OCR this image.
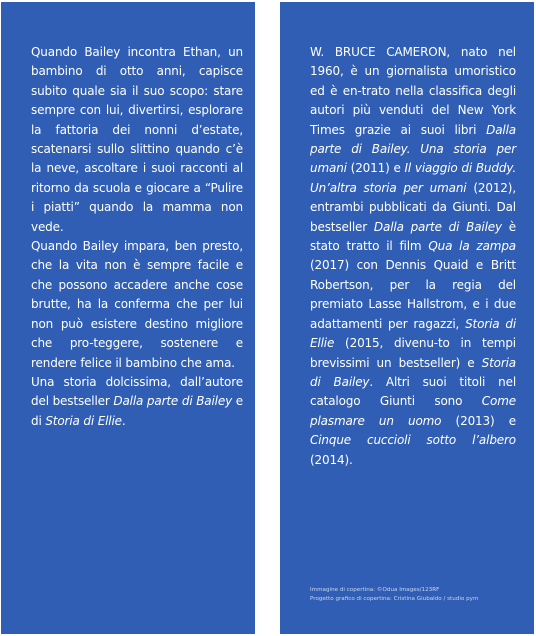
Quando Bailey incontra Ethan, un bambino di otto anni, capisce subito quale sia il suo scopo: stare sempre con lui, divertirsi, esplorare la fattoria dei nonni d’estate, scatenarsi sullo slittino quando c’è la neve, ascoltare i suoi racconti al ritorno da scuola e giocare a “Pulire i piatti” quando la mamma non vede.

Quando Bailey impara, ben presto, che la vita non è sempre facile e che possono accadere anche cose brutte, ha la conferma che per lui non può esistere destino migliore che pro-teggere, sostenere e rendere felice il bambino che ama.

Una storia dolcissima, dall’autore del bestseller Dalla parte di Bailey e di Storia di Ellie.

W. BRUCE CAMERON, nato nel 1960, è un giornalista umoristico ed è en-trato nella classifica degli autori più venduti del New York Times grazie ai suoi libri Dalla parte di Bailey. Una storia per umani (2011) e Il viaggio di Buddy. Un’altra storia per umani (2012), entrambi pubblicati da Giunti. Dal bestseller Dalla parte di Bailey è stato tratto il film Qua la zampa (2017) con Dennis Quaid e Britt Robertson, per la regia del premiato Lasse Hallstrom, e i due adattamenti per ragazzi, Storia di Ellie (2015, divenu-to in tempi brevissimi un bestseller) e Storia di Bailey. Altri suoi titoli nel catalogo Giunti sono Come plasmare un uomo (2013) e Cinque cuccioli sotto l’albero (2014).

Immagine di copertina: ©Odua Images/123RF
Progetto grafico di copertina: Cristina Giubaldo / studio pym
